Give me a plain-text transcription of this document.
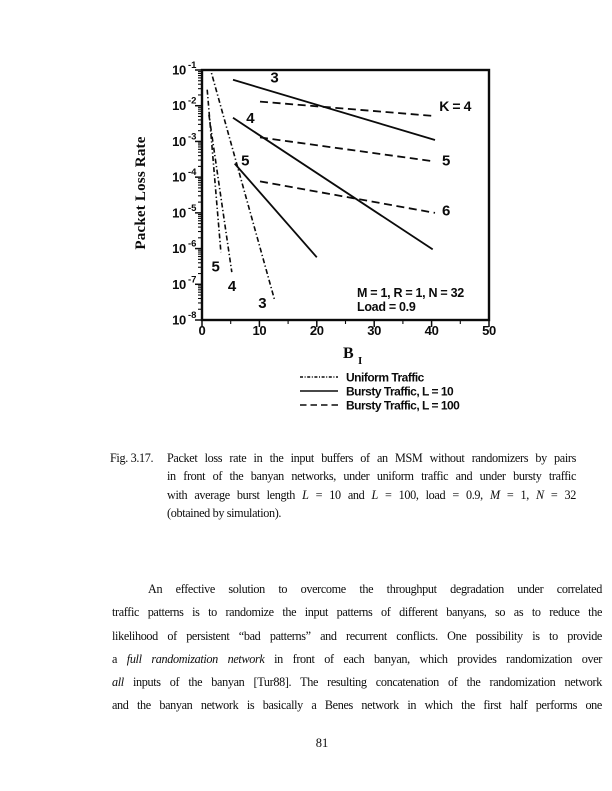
0	10	20	30	40	50
10 -1
10 -2
10 -3
10 -4
10 -5
10 -6
10 -7
10 -8
3
4
5
5
4
3
K = 4
5
6
Uniform Traffic
Bursty Traffic, L = 10
Bursty Traffic, L = 100
Packet Loss Rate
B I
M = 1, R = 1, N = 32
Load = 0.9
Fig. 3.17.	Packet loss rate in the input buffers of an MSM without randomizers by pairs
in front of the banyan networks, under uniform traffic and under bursty traffic
with average burst length L = 10 and L = 100, load = 0.9, M = 1, N = 32
(obtained by simulation).
An effective solution to overcome the throughput degradation under correlated
traffic patterns is to randomize the input patterns of different banyans, so as to reduce the
likelihood of persistent “bad patterns” and recurrent conflicts. One possibility is to provide
a full randomization network in front of each banyan, which provides randomization over
all inputs of the banyan [Tur88]. The resulting concatenation of the randomization network
and the banyan network is basically a Benes network in which the first half performs one
81
